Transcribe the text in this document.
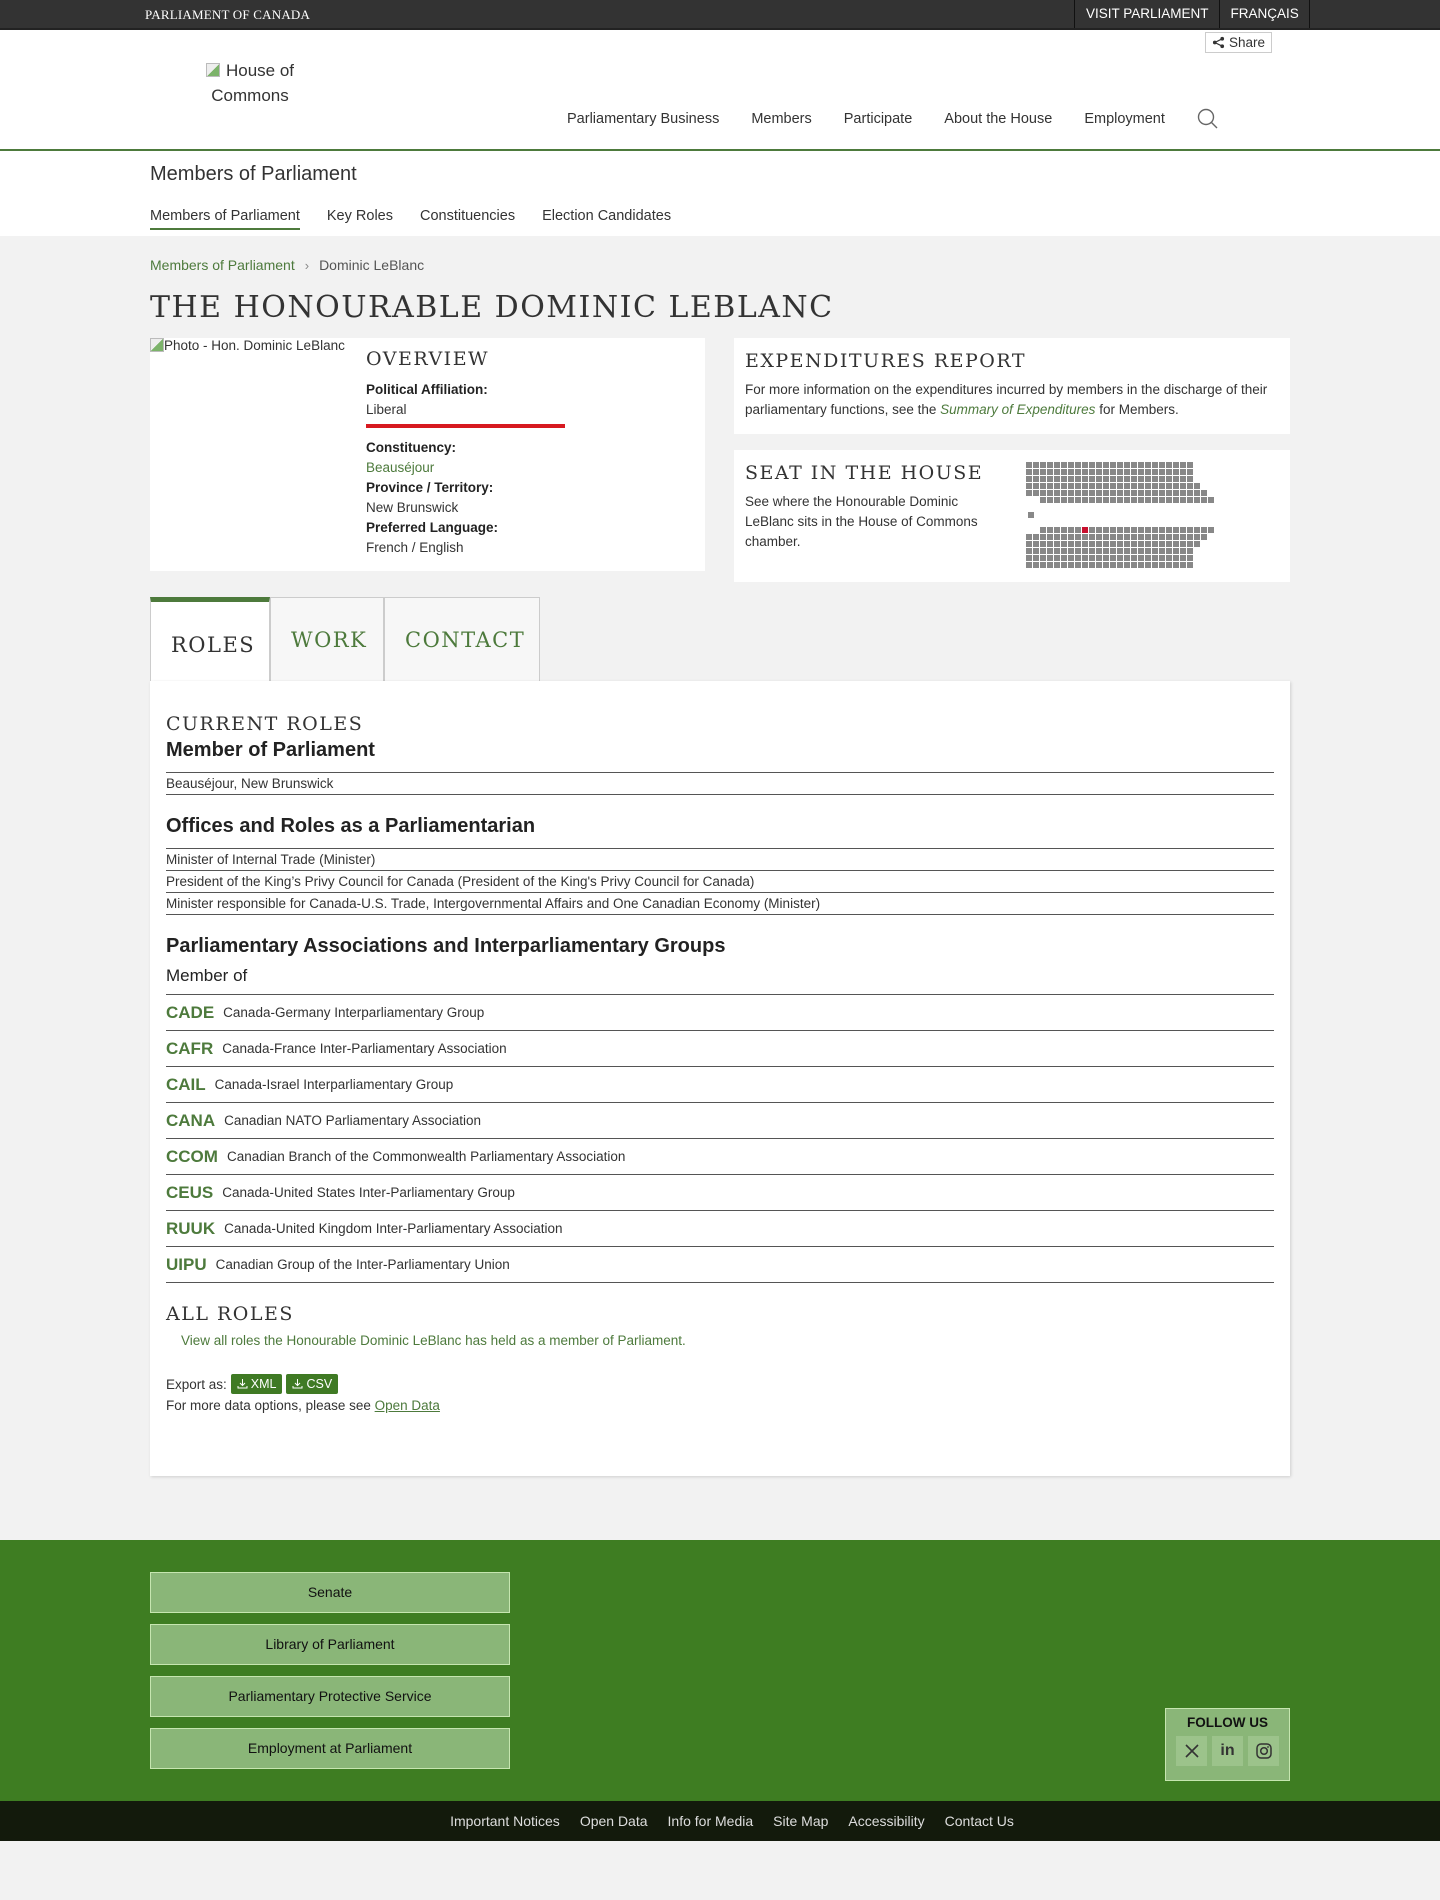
PARLIAMENT OF CANADA	VISIT PARLIAMENT	FRANÇAIS
House of Commons
Share
Parliamentary Business Members Participate About the House Employment
Members of Parliament
Members of Parliament Key Roles Constituencies Election Candidates
Members of Parliament › Dominic LeBlanc
THE HONOURABLE DOMINIC LEBLANC
Photo - Hon. Dominic LeBlanc
OVERVIEW
Political Affiliation:
Liberal
Constituency:
Beauséjour
Province / Territory:
New Brunswick
Preferred Language:
French / English
EXPENDITURES REPORT

For more information on the expenditures incurred by members in the discharge of their parliamentary functions, see the Summary of Expenditures for Members.

SEAT IN THE HOUSE

See where the Honourable Dominic LeBlanc sits in the House of Commons chamber.

ROLES	WORK	CONTACT
CURRENT ROLES
Member of Parliament
Beauséjour, New Brunswick
Offices and Roles as a Parliamentarian
Minister of Internal Trade (Minister)
President of the King’s Privy Council for Canada (President of the King's Privy Council for Canada)
Minister responsible for Canada-U.S. Trade, Intergovernmental Affairs and One Canadian Economy (Minister)
Parliamentary Associations and Interparliamentary Groups
Member of
CADE Canada-Germany Interparliamentary Group
CAFR Canada-France Inter-Parliamentary Association
CAIL Canada-Israel Interparliamentary Group
CANA Canadian NATO Parliamentary Association
CCOM Canadian Branch of the Commonwealth Parliamentary Association
CEUS Canada-United States Inter-Parliamentary Group
RUUK Canada-United Kingdom Inter-Parliamentary Association
UIPU Canadian Group of the Inter-Parliamentary Union
ALL ROLES
View all roles the Honourable Dominic LeBlanc has held as a member of Parliament.
Export as: XML CSV
For more data options, please see Open Data
Senate
Library of Parliament
Parliamentary Protective Service
Employment at Parliament
FOLLOW US
in
Important Notices Open Data Info for Media Site Map Accessibility Contact Us
